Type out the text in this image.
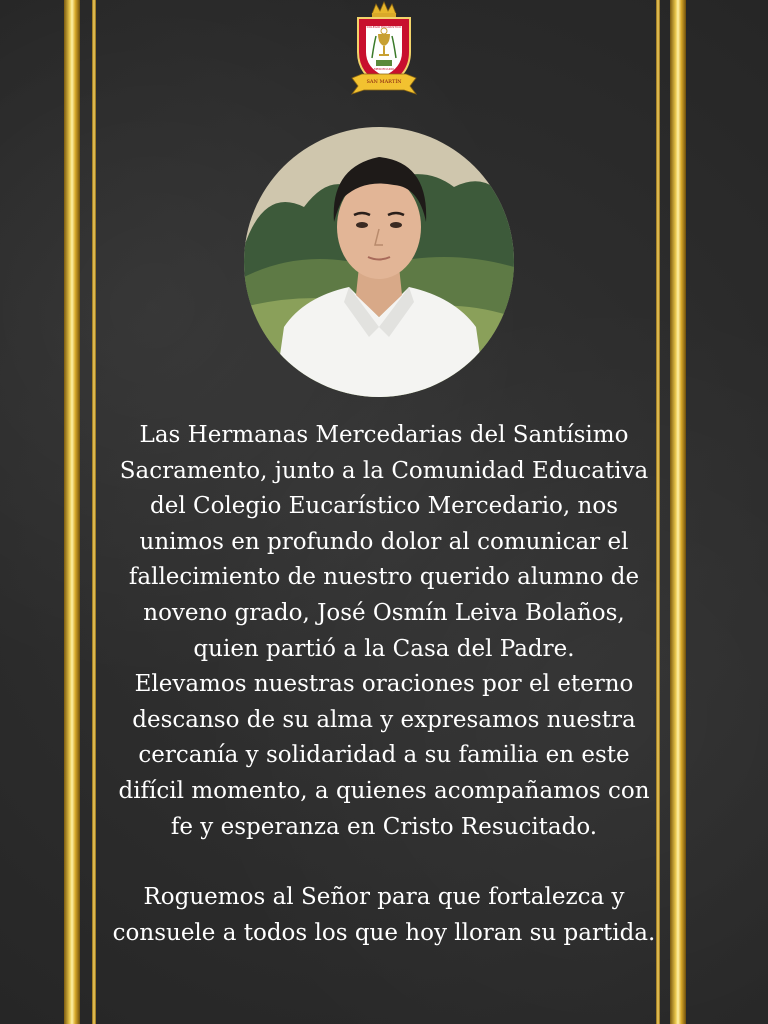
COLEGIO EUCARÍSTICO
MERCEDARIO
SAN MARTÍN

Las Hermanas Mercedarias del Santísimo Sacramento, junto a la Comunidad Educativa del Colegio Eucarístico Mercedario, nos unimos en profundo dolor al comunicar el fallecimiento de nuestro querido alumno de noveno grado, José Osmín Leiva Bolaños, quien partió a la Casa del Padre.

Elevamos nuestras oraciones por el eterno descanso de su alma y expresamos nuestra cercanía y solidaridad a su familia en este difícil momento, a quienes acompañamos con fe y esperanza en Cristo Resucitado.

Roguemos al Señor para que fortalezca y consuele a todos los que hoy lloran su partida.
